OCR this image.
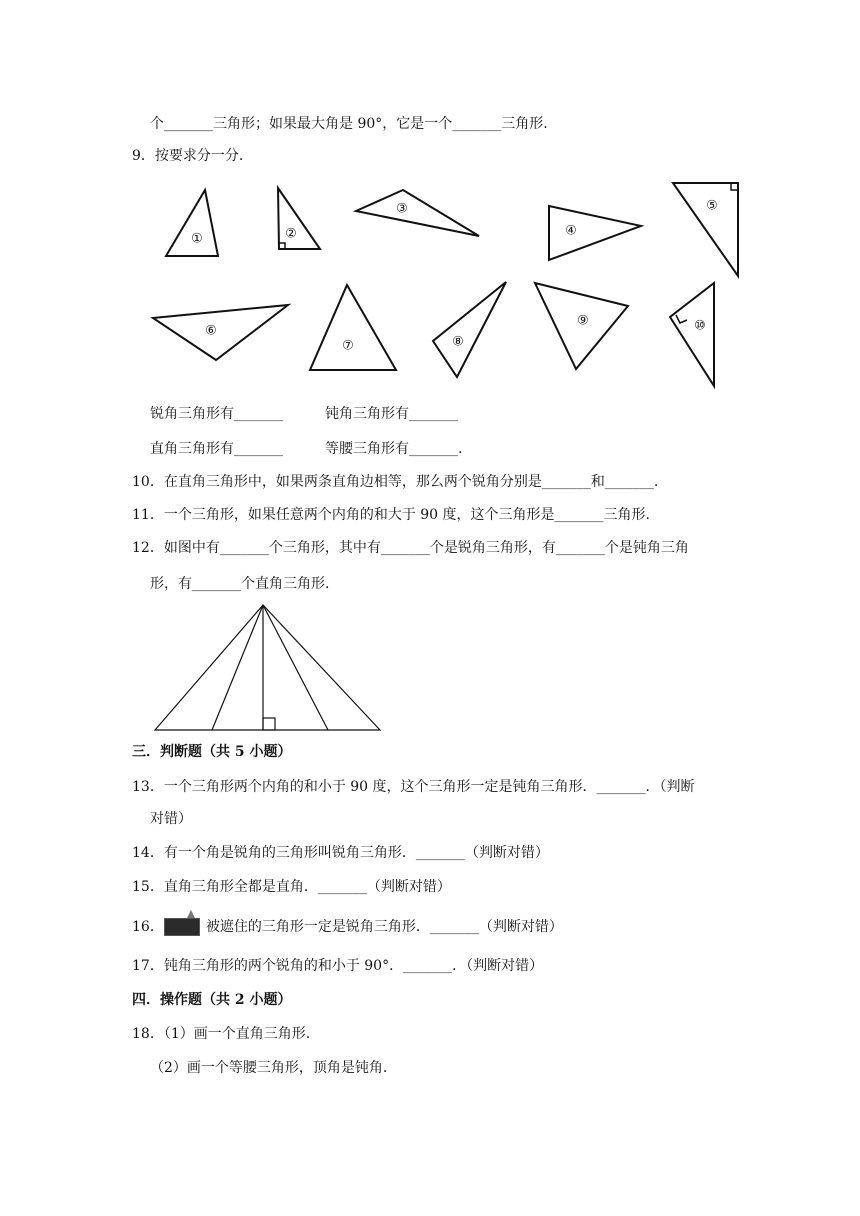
个_______三角形；如果最大角是 90°，它是一个_______三角形.
9．按要求分一分.
①	②
③
④
⑤
⑥
⑦	⑧
⑨	⑩
锐角三角形有_______	钝角三角形有_______
直角三角形有_______	等腰三角形有_______.
10．在直角三角形中，如果两条直角边相等，那么两个锐角分别是_______和_______.
11．一个三角形，如果任意两个内角的和大于 90 度，这个三角形是_______三角形.
12．如图中有_______个三角形，其中有_______个是锐角三角形，有_______个是钝角三角
形，有_______个直角三角形.
三．判断题（共 5 小题）
13．一个三角形两个内角的和小于 90 度，这个三角形一定是钝角三角形．_______．（判断
对错）
14．有一个角是锐角的三角形叫锐角三角形．_______（判断对错）
15．直角三角形全都是直角．_______（判断对错）
16．	被遮住的三角形一定是锐角三角形．_______（判断对错）
17．钝角三角形的两个锐角的和小于 90°．_______．（判断对错）
四．操作题（共 2 小题）
18．（1）画一个直角三角形.
（2）画一个等腰三角形，顶角是钝角.
